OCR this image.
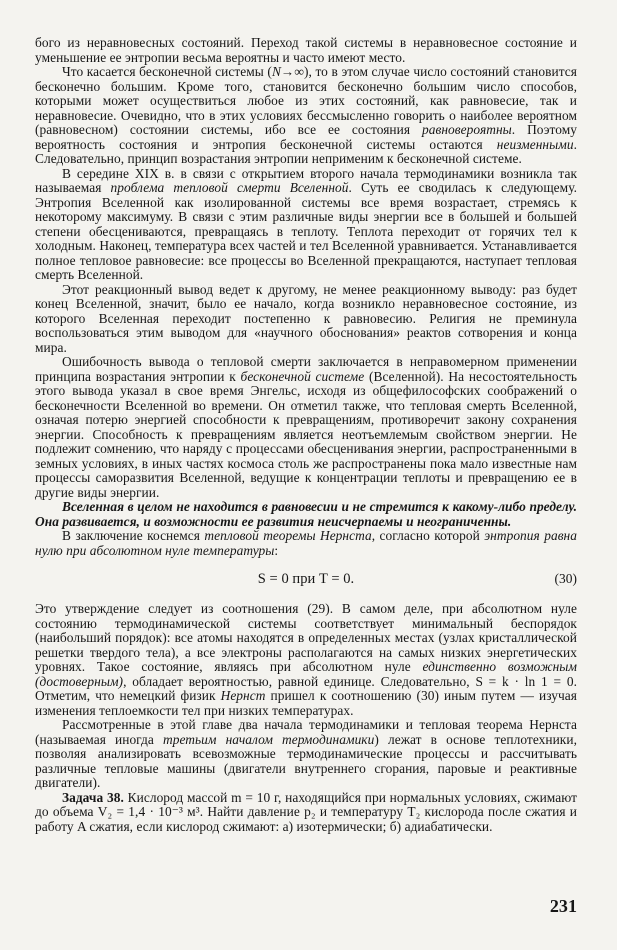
бого из неравновесных состояний. Переход такой системы в неравновесное состояние и уменьшение ее энтропии весьма вероятны и часто имеют место.

Что касается бесконечной системы (N→∞), то в этом случае число состояний становится бесконечно большим. Кроме того, становится бесконечно большим число способов, которыми может осуществиться любое из этих состояний, как равновесие, так и неравновесие. Очевидно, что в этих условиях бессмысленно говорить о наиболее вероятном (равновесном) состоянии системы, ибо все ее состояния равновероятны. Поэтому вероятность состояния и энтропия бесконечной системы остаются неизменными. Следовательно, принцип возрастания энтропии неприменим к бесконечной системе.

В середине XIX в. в связи с открытием второго начала термодинамики возникла так называемая проблема тепловой смерти Вселенной. Суть ее сводилась к следующему. Энтропия Вселенной как изолированной системы все время возрастает, стремясь к некоторому максимуму. В связи с этим различные виды энергии все в большей и большей степени обесцениваются, превращаясь в теплоту. Теплота переходит от горячих тел к холодным. Наконец, температура всех частей и тел Вселенной уравнивается. Устанавливается полное тепловое равновесие: все процессы во Вселенной прекращаются, наступает тепловая смерть Вселенной.

Этот реакционный вывод ведет к другому, не менее реакционному выводу: раз будет конец Вселенной, значит, было ее начало, когда возникло неравновесное состояние, из которого Вселенная переходит постепенно к равновесию. Религия не преминула воспользоваться этим выводом для «научного обоснования» реактов сотворения и конца мира.

Ошибочность вывода о тепловой смерти заключается в неправомерном применении принципа возрастания энтропии к бесконечной системе (Вселенной). На несостоятельность этого вывода указал в свое время Энгельс, исходя из общефилософских соображений о бесконечности Вселенной во времени. Он отметил также, что тепловая смерть Вселенной, означая потерю энергией способности к превращениям, противоречит закону сохранения энергии. Способность к превращениям является неотъемлемым свойством энергии. Не подлежит сомнению, что наряду с процессами обесценивания энергии, распространенными в земных условиях, в иных частях космоса столь же распространены пока мало известные нам процессы саморазвития Вселенной, ведущие к концентрации теплоты и превращению ее в другие виды энергии.

Вселенная в целом не находится в равновесии и не стремится к какому-либо пределу. Она развивается, и возможности ее развития неисчерпаемы и неограниченны.

В заключение коснемся тепловой теоремы Нернста, согласно которой энтропия равна нулю при абсолютном нуле температуры:

S = 0 при T = 0.	(30)

Это утверждение следует из соотношения (29). В самом деле, при абсолютном нуле состоянию термодинамической системы соответствует минимальный беспорядок (наибольший порядок): все атомы находятся в определенных местах (узлах кристаллической решетки твердого тела), а все электроны располагаются на самых низких энергетических уровнях. Такое состояние, являясь при абсолютном нуле единственно возможным (достоверным), обладает вероятностью, равной единице. Следовательно, S = k · ln 1 = 0. Отметим, что немецкий физик Нернст пришел к соотношению (30) иным путем — изучая изменения теплоемкости тел при низких температурах.

Рассмотренные в этой главе два начала термодинамики и тепловая теорема Нернста (называемая иногда третьим началом термодинамики) лежат в основе теплотехники, позволяя анализировать всевозможные термодинамические процессы и рассчитывать различные тепловые машины (двигатели внутреннего сгорания, паровые и реактивные двигатели).

Задача 38. Кислород массой m = 10 г, находящийся при нормальных условиях, сжимают до объема V₂ = 1,4 · 10⁻³ м³. Найти давление p₂ и температуру T₂ кислорода после сжатия и работу A сжатия, если кислород сжимают: а) изотермически; б) адиабатически.

231
